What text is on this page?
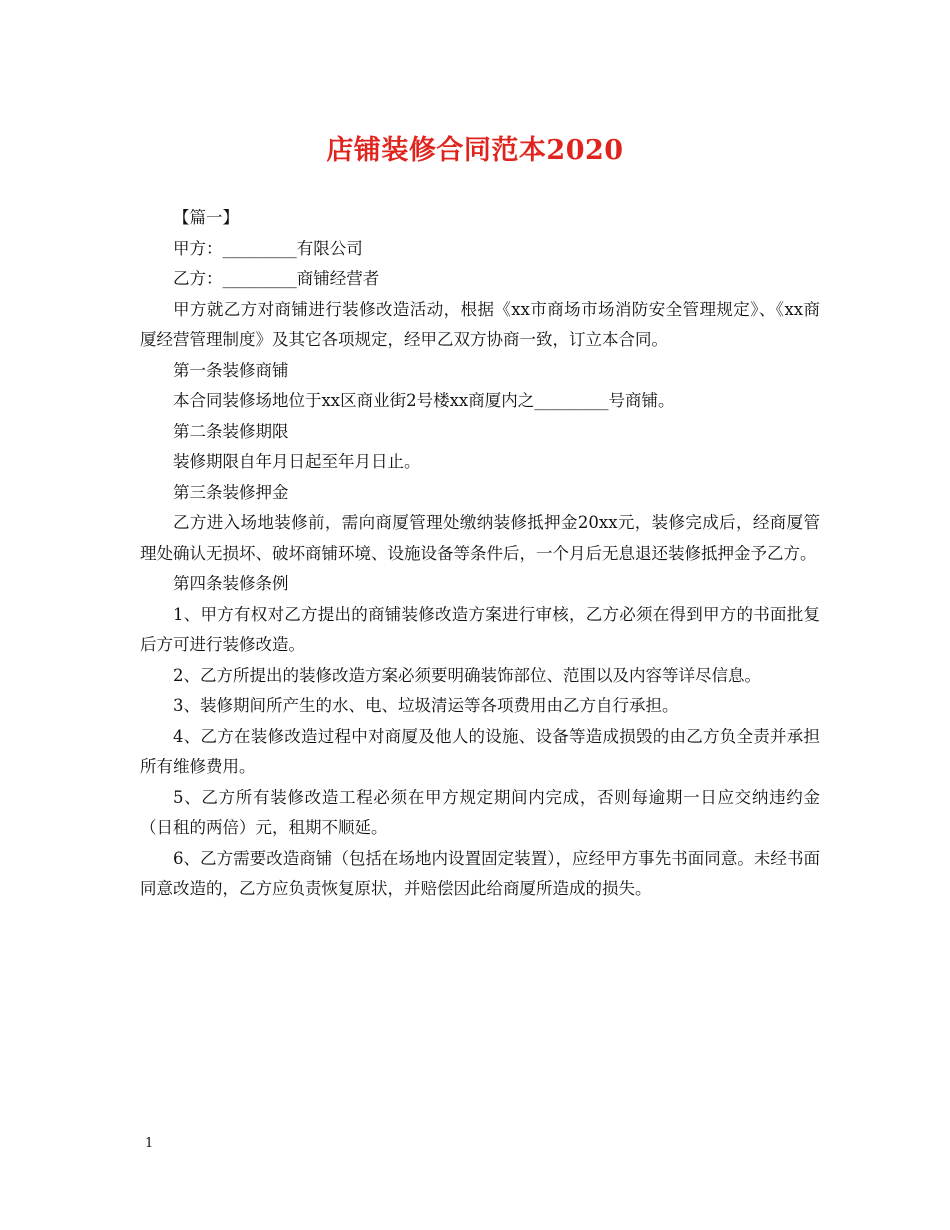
店铺装修合同范本2020

【篇一】

甲方：_________有限公司

乙方：_________商铺经营者

甲方就乙方对商铺进行装修改造活动，根据《xx市商场市场消防安全管理规定》、《xx商厦经营管理制度》及其它各项规定，经甲乙双方协商一致，订立本合同。

第一条装修商铺

本合同装修场地位于xx区商业街2号楼xx商厦内之_________号商铺。

第二条装修期限

装修期限自年月日起至年月日止。

第三条装修押金

乙方进入场地装修前，需向商厦管理处缴纳装修抵押金20xx元，装修完成后，经商厦管理处确认无损坏、破坏商铺环境、设施设备等条件后，一个月后无息退还装修抵押金予乙方。

第四条装修条例

1、甲方有权对乙方提出的商铺装修改造方案进行审核，乙方必须在得到甲方的书面批复后方可进行装修改造。

2、乙方所提出的装修改造方案必须要明确装饰部位、范围以及内容等详尽信息。

3、装修期间所产生的水、电、垃圾清运等各项费用由乙方自行承担。

4、乙方在装修改造过程中对商厦及他人的设施、设备等造成损毁的由乙方负全责并承担所有维修费用。

5、乙方所有装修改造工程必须在甲方规定期间内完成，否则每逾期一日应交纳违约金（日租的两倍）元，租期不顺延。

6、乙方需要改造商铺（包括在场地内设置固定装置），应经甲方事先书面同意。未经书面同意改造的，乙方应负责恢复原状，并赔偿因此给商厦所造成的损失。

1
